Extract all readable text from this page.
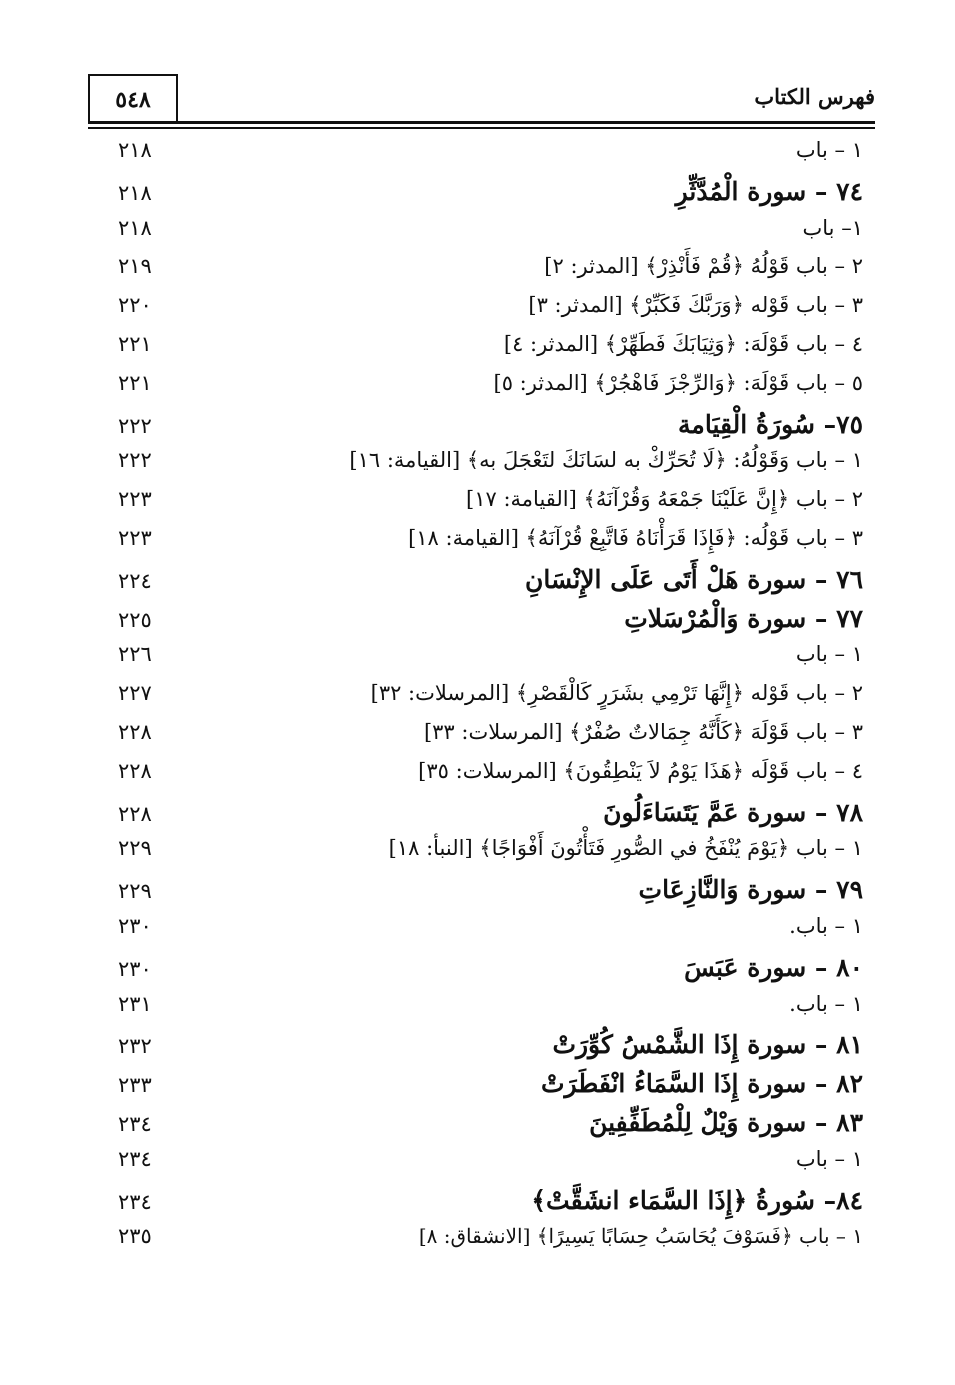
٥٤٨	فهرس الكتاب
١ – باب
٢١٨
٧٤ – سورة الْمُدَّثِّرِ
٢١٨
١– باب
٢١٨
٢ – باب قَوْلُهُ ﴿قُمْ فَأَنْذِرْ﴾ [المدثر: ٢]
٢١٩
٣ – باب قَوْله ﴿وَرَبَّكَ فَكَبِّرْ﴾ [المدثر: ٣]
٢٢٠
٤ – باب قَوْلَهَ: ﴿وَثِيَابَكَ فَطَهِّرْ﴾ [المدثر: ٤]
٢٢١
٥ – باب قَوْلَهَ: ﴿وَالرِّجْزَ فَاهْجُرْ﴾ [المدثر: ٥]
٢٢١
٧٥– سُورَةُ الْقِيَامة
٢٢٢
١ – باب وَقَوْلُهُ: ﴿لَا تُحَرِّكْ به لسَانَكَ لتَعْجَلَ به﴾ [القيامة: ١٦]
٢٢٢
٢ – باب ﴿إِنَّ عَلَيْنَا جَمْعَهُ وَقُرْآنَهُ﴾ [القيامة: ١٧]
٢٢٣
٣ – باب قَوْلُه: ﴿فَإِذَا قَرَأْنَاهُ فَاتَّبِعْ قُرْآنَهُ﴾ [القيامة: ١٨]
٢٢٣
٧٦ – سورة هَلْ أَتَى عَلَى الإِنْسَانِ
٢٢٤
٧٧ – سورة وَالْمُرْسَلاتِ
٢٢٥
١ – باب
٢٢٦
٢ – باب قَوْله ﴿إِنَّهَا تَرْمِي بشَرَرٍ كَالْقَصْرِ﴾ [المرسلات: ٣٢]
٢٢٧
٣ – باب قَوْلَهَ ﴿كَأَنَّهُ جِمَالاتٌ صُفْرٌ﴾ [المرسلات: ٣٣]
٢٢٨
٤ – باب قَوْلَه ﴿هَذَا يَوْمُ لاَ يَنْطِقُونَ﴾ [المرسلات: ٣٥]
٢٢٨
٧٨ – سورة عَمَّ يَتَسَاءَلُونَ
٢٢٨
١ – باب ﴿يَوْمَ يُنْفَخُ في الصُّورِ فَتَأْتُونَ أَفْوَاجًا﴾ [النبأ: ١٨]
٢٢٩
٧٩ – سورة وَالنَّازِعَاتِ
٢٢٩
١ – باب.
٢٣٠
٨٠ – سورة عَبَسَ
٢٣٠
١ – باب.
٢٣١
٨١ – سورة إِذَا الشَّمْسُ كُوِّرَتْ
٢٣٢
٨٢ – سورة إِذَا السَّمَاءُ انْفَطَرَتْ
٢٣٣
٨٣ – سورة وَيْلٌ لِلْمُطَفِّفِينَ
٢٣٤
١ – باب
٢٣٤
٨٤– سُورةُ ﴿إِذَا السَّمَاء انشَقَّتْ﴾
٢٣٤
١ – باب ﴿فَسَوْفَ يُحَاسَبُ حِسَابًا يَسِيرًا﴾ [الانشقاق: ٨]
٢٣٥
